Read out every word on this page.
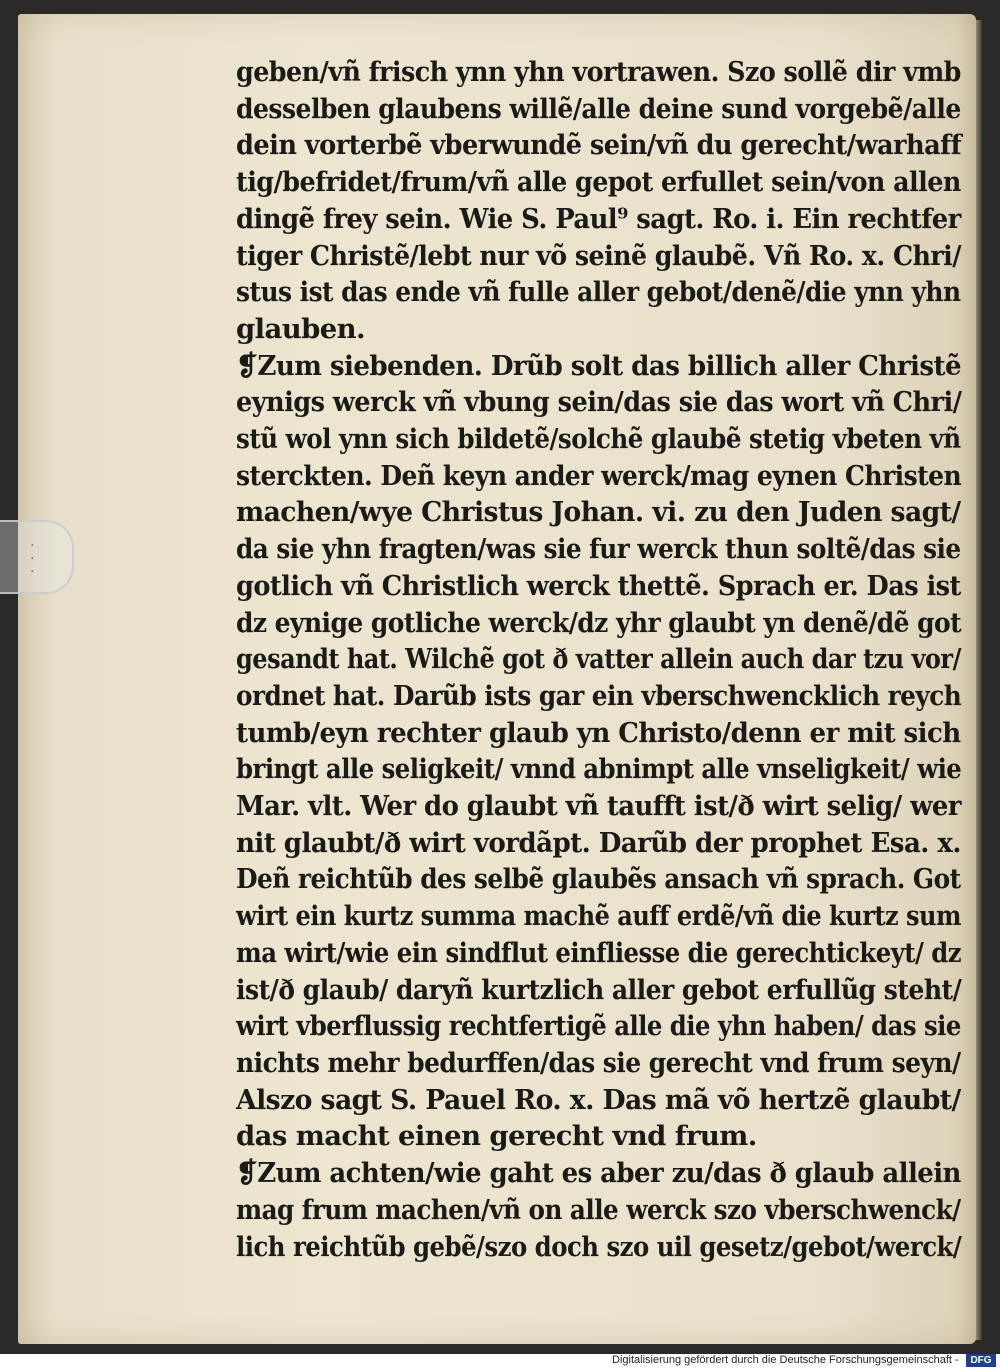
·
·
·
geben/vñ frisch ynn yhn vortrawen. Szo sollẽ dir vmb
desselben glaubens willẽ/alle deine sund vorgebẽ/alle
dein vorterbẽ vberwundẽ sein/vñ du gerecht/warhaff
tig/befridet/frum/vñ alle gepot erfullet sein/von allen
dingẽ frey sein. Wie S. Paul⁹ sagt. Ro. i. Ein rechtfer
tiger Christẽ/lebt nur võ seinẽ glaubẽ. Vñ Ro. x. Chri/
stus ist das ende vñ fulle aller gebot/denẽ/die ynn yhn
glauben.
❡Zum siebenden. Drũb solt das billich aller Christẽ
eynigs werck vñ vbung sein/das sie das wort vñ Chri/
stũ wol ynn sich bildetẽ/solchẽ glaubẽ stetig vbeten vñ
sterckten. Deñ keyn ander werck/mag eynen Christen
machen/wye Christus Johan. vi. zu den Juden sagt/
da sie yhn fragten/was sie fur werck thun soltẽ/das sie
gotlich vñ Christlich werck thettẽ. Sprach er. Das ist
dz eynige gotliche werck/dz yhr glaubt yn denẽ/dẽ got
gesandt hat. Wilchẽ got ð vatter allein auch dar tzu vor/
ordnet hat. Darũb ists gar ein vberschwencklich reych
tumb/eyn rechter glaub yn Christo/denn er mit sich
bringt alle seligkeit/ vnnd abnimpt alle vnseligkeit/ wie
Mar. vlt. Wer do glaubt vñ taufft ist/ð wirt selig/ wer
nit glaubt/ð wirt vordãpt. Darũb der prophet Esa. x.
Deñ reichtũb des selbẽ glaubẽs ansach vñ sprach. Got
wirt ein kurtz summa machẽ auff erdẽ/vñ die kurtz sum
ma wirt/wie ein sindflut einfliesse die gerechtickeyt/ dz
ist/ð glaub/ daryñ kurtzlich aller gebot erfullũg steht/
wirt vberflussig rechtfertigẽ alle die yhn haben/ das sie
nichts mehr bedurffen/das sie gerecht vnd frum seyn/
Alszo sagt S. Pauel Ro. x. Das mã võ hertzẽ glaubt/
das macht einen gerecht vnd frum.
❡Zum achten/wie gaht es aber zu/das ð glaub allein
mag frum machen/vñ on alle werck szo vberschwenck/
lich reichtũb gebẽ/szo doch szo uil gesetz/gebot/werck/
Digitalisierung gefördert durch die Deutsche Forschungsgemeinschaft -	DFG
